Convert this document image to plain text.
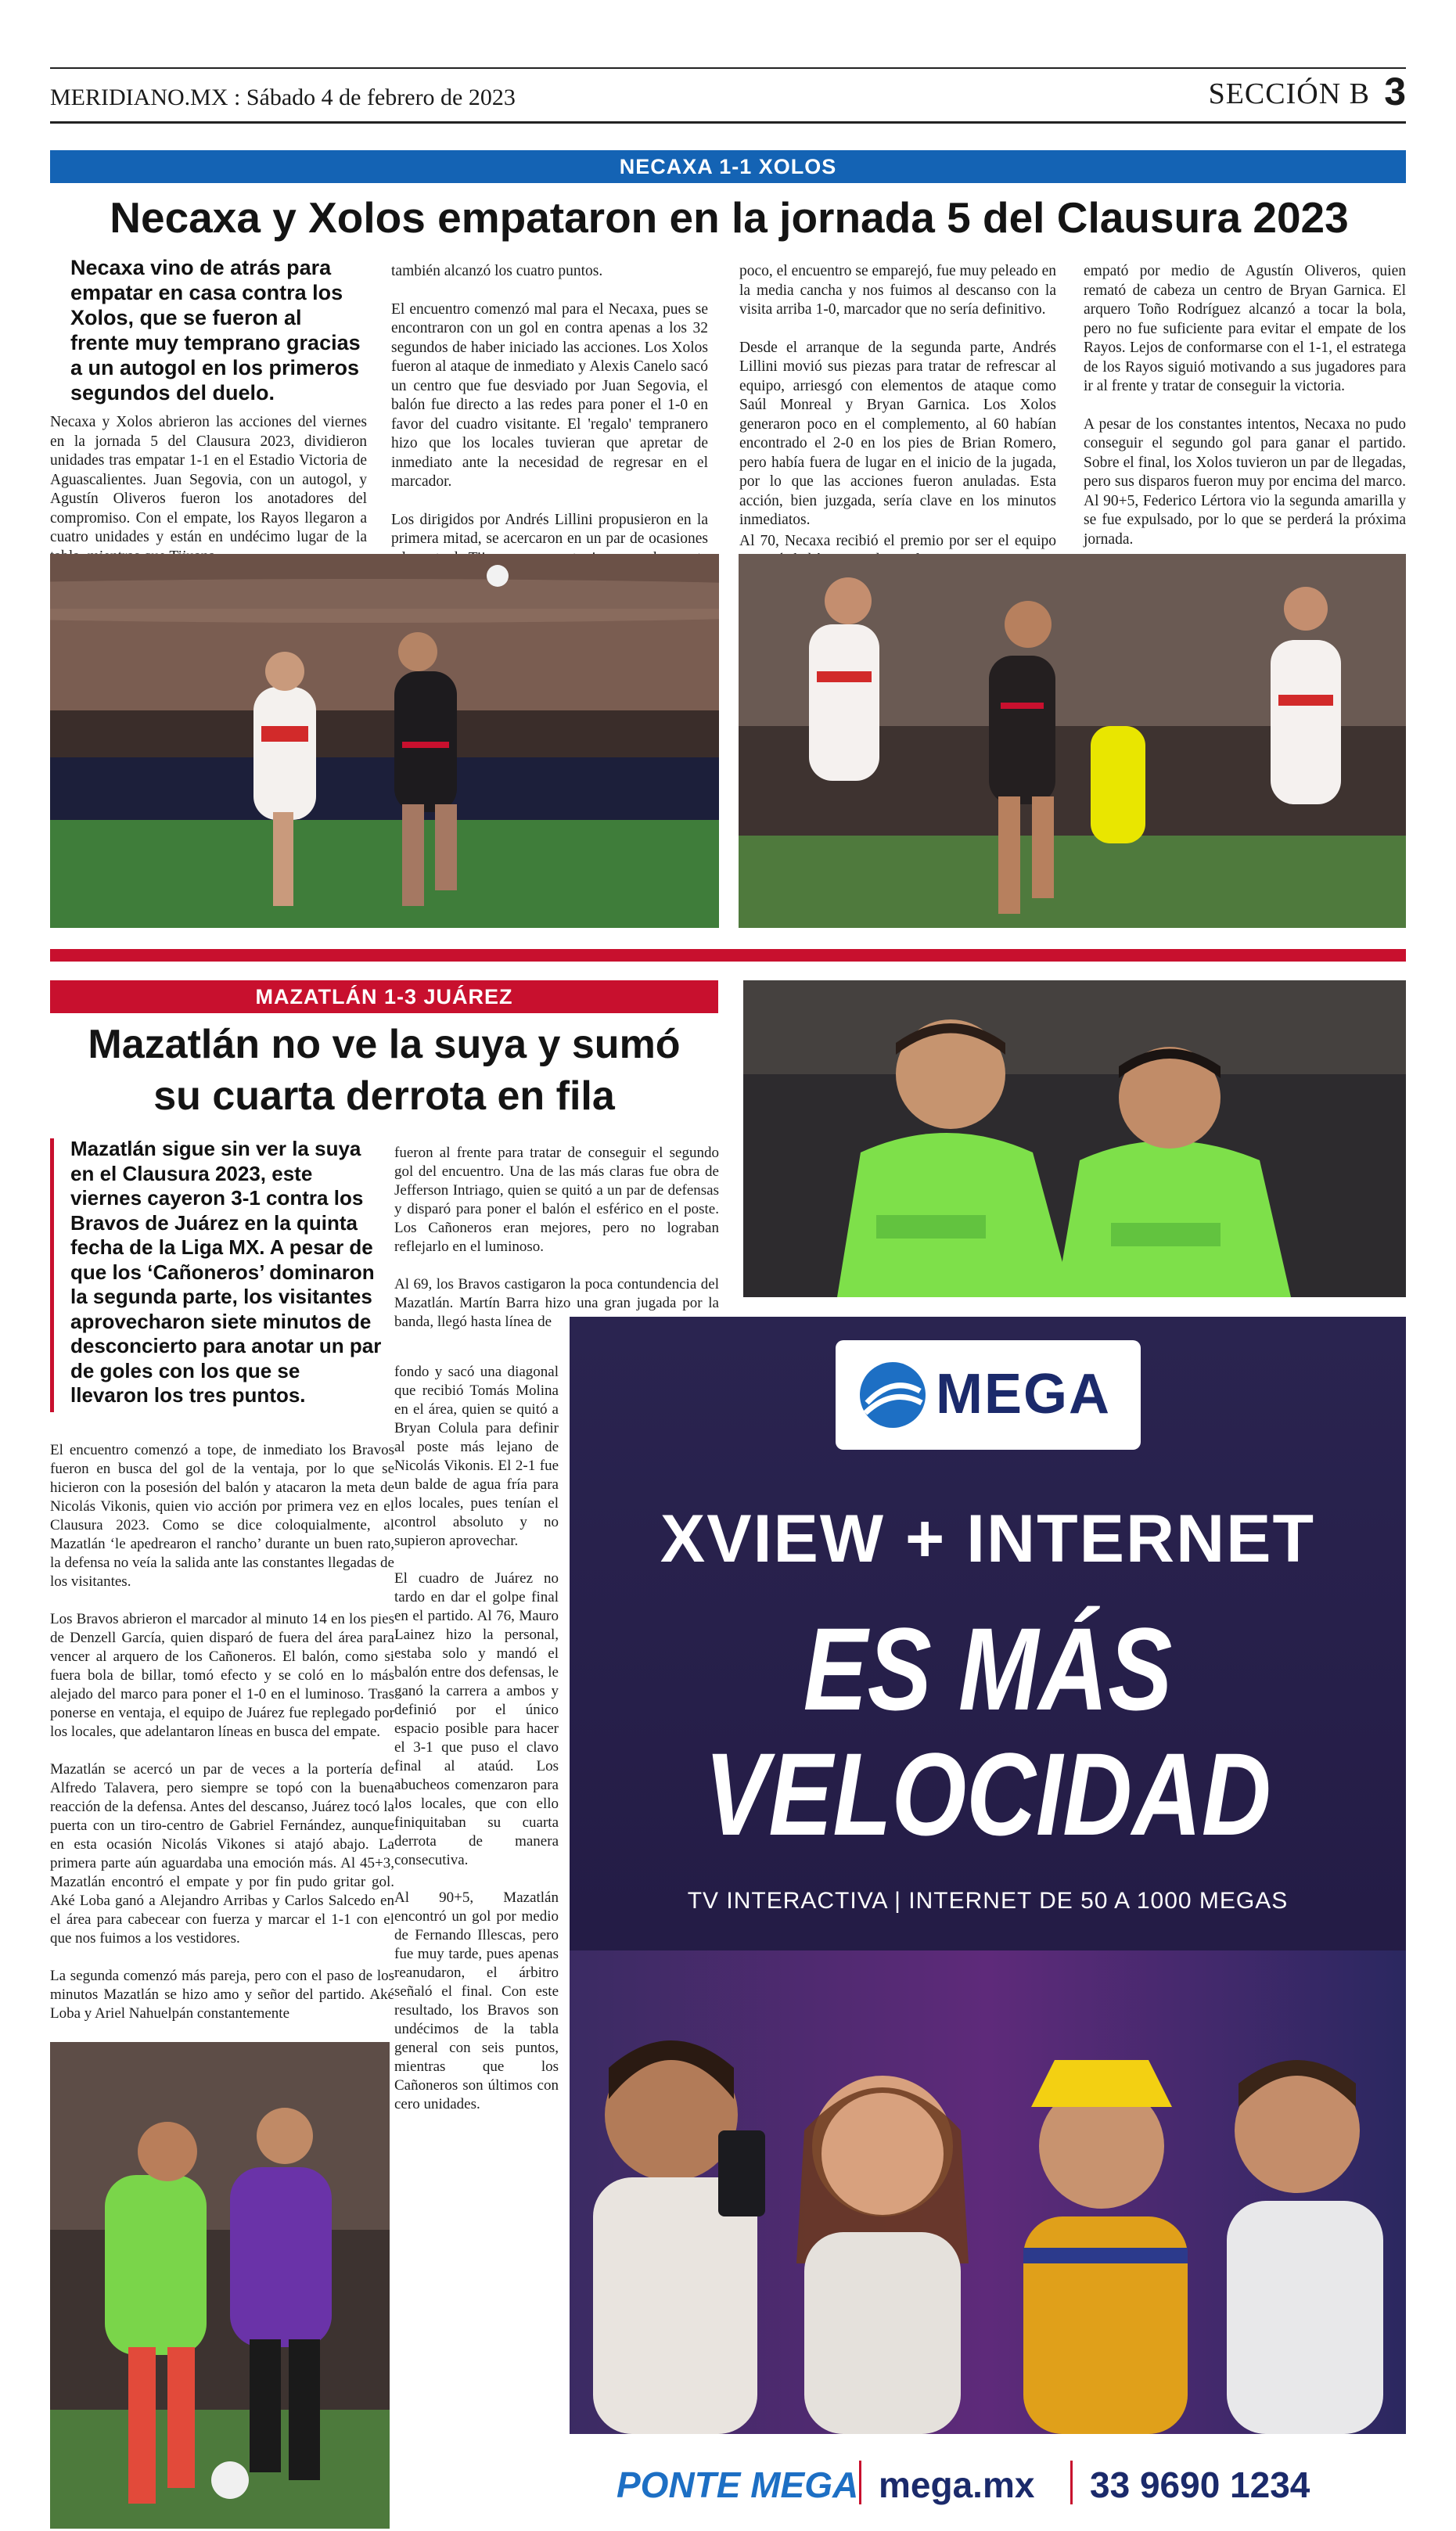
MERIDIANO.MX : Sábado 4 de febrero de 2023	SECCIÓN B 3
NECAXA 1-1 XOLOS
Necaxa y Xolos empataron en la jornada 5 del Clausura 2023
Necaxa vino de atrás para empatar en casa contra los Xolos, que se fueron al frente muy temprano gracias a un autogol en los primeros segundos del duelo.

Necaxa y Xolos abrieron las acciones del viernes en la jornada 5 del Clausura 2023, dividieron unidades tras empatar 1-1 en el Estadio Victoria de Aguascalientes. Juan Segovia, con un autogol, y Agustín Oliveros fueron los anotadores del compromiso. Con el empate, los Rayos llegaron a cuatro unidades y están en undécimo lugar de la

también alcanzó los cuatro puntos.

El encuentro comenzó mal para el Necaxa, pues se encontraron con un gol en contra apenas a los 32 segundos de haber iniciado las acciones. Los Xolos fueron al ataque de inmediato y Alexis Canelo sacó un centro que fue desviado por Juan Segovia, el balón fue directo a las redes para poner el 1-0 en favor del cuadro visitante. El 'regalo' tempranero hizo que los locales tuvieran que apretar de inmediato ante la necesidad de regresar en el marcador.

Los dirigidos por Andrés Lillini propusieron en la primera mitad, se acercaron en un par de ocasiones

poco, el encuentro se emparejó, fue muy peleado en la media cancha y nos fuimos al descanso con la visita arriba 1-0, marcador que no sería definitivo.

Desde el arranque de la segunda parte, Andrés Lillini movió sus piezas para tratar de refrescar al equipo, arriesgó con elementos de ataque como Saúl Monreal y Bryan Garnica. Los Xolos generaron poco en el complemento, al 60 habían encontrado el 2-0 en los pies de Brian Romero, pero había fuera de lugar en el inicio de la jugada, por lo que las acciones fueron anuladas. Esta acción, bien juzgada, sería clave en los minutos inmediatos.

Al 70, Necaxa recibió el premio por ser el equipo

empató por medio de Agustín Oliveros, quien remató de cabeza un centro de Bryan Garnica. El arquero Toño Rodríguez alcanzó a tocar la bola, pero no fue suficiente para evitar el empate de los Rayos. Lejos de conformarse con el 1-1, el estratega de los Rayos siguió motivando a sus jugadores para ir al frente y tratar de conseguir la victoria.

A pesar de los constantes intentos, Necaxa no pudo conseguir el segundo gol para ganar el partido. Sobre el final, los Xolos tuvieron un par de llegadas, pero sus disparos fueron muy por encima del marco. Al 90+5, Federico Lértora vio la segunda amarilla y se fue expulsado, por lo que se perderá la próxima jornada.

MAZATLÁN 1-3 JUÁREZ
Mazatlán no ve la suya y sumó
su cuarta derrota en fila
Mazatlán sigue sin ver la suya en el Clausura 2023, este viernes cayeron 3-1 contra los Bravos de Juárez en la quinta fecha de la Liga MX. A pesar de que los ‘Cañoneros’ dominaron la segunda parte, los visitantes aprovecharon siete minutos de desconcierto para anotar un par de goles con los que se llevaron los tres puntos.

El encuentro comenzó a tope, de inmediato los Bravos fueron en busca del gol de la ventaja, por lo que se hicieron con la posesión del balón y atacaron la meta de Nicolás Vikonis, quien vio acción por primera vez en el Clausura 2023. Como se dice coloquialmente, al Mazatlán ‘le apedrearon el rancho’ durante un buen rato, la defensa no veía la salida ante las constantes llegadas de los visitantes.

Los Bravos abrieron el marcador al minuto 14 en los pies de Denzell García, quien disparó de fuera del área para vencer al arquero de los Cañoneros. El balón, como si fuera bola de billar, tomó efecto y se coló en lo más alejado del marco para poner el 1-0 en el luminoso. Tras ponerse en ventaja, el equipo de Juárez fue replegado por los locales, que adelantaron líneas en busca del empate.

Mazatlán se acercó un par de veces a la portería de Alfredo Talavera, pero siempre se topó con la buena reacción de la defensa. Antes del descanso, Juárez tocó la puerta con un tiro-centro de Gabriel Fernández, aunque en esta ocasión Nicolás Vikones si atajó abajo. La primera parte aún aguardaba una emoción más. Al 45+3, Mazatlán encontró el empate y por fin pudo gritar gol. Aké Loba ganó a Alejandro Arribas y Carlos Salcedo en el área para cabecear con fuerza y marcar el 1-1 con el que nos fuimos a los vestidores.

La segunda comenzó más pareja, pero con el paso de los minutos Mazatlán se hizo amo y señor del partido. Aké Loba y Ariel Nahuelpán constantemente

fueron al frente para tratar de conseguir el segundo gol del encuentro. Una de las más claras fue obra de Jefferson Intriago, quien se quitó a un par de defensas y disparó para poner el balón el esférico en el poste. Los Cañoneros eran mejores, pero no lograban reflejarlo en el luminoso.

Al 69, los Bravos castigaron la poca contundencia del Mazatlán. Martín Barra hizo una gran jugada por la banda, llegó hasta línea de

fondo y sacó una diagonal que recibió Tomás Molina en el área, quien se quitó a Bryan Colula para definir al poste más lejano de Nicolás Vikonis. El 2-1 fue un balde de agua fría para los locales, pues tenían el control absoluto y no supieron aprovechar.

El cuadro de Juárez no tardo en dar el golpe final en el partido. Al 76, Mauro Lainez hizo la personal, estaba solo y mandó el balón entre dos defensas, le ganó la carrera a ambos y definió por el único espacio posible para hacer el 3-1 que puso el clavo final al ataúd. Los abucheos comenzaron para los locales, que con ello finiquitaban su cuarta derrota de manera consecutiva.

Al 90+5, Mazatlán encontró un gol por medio de Fernando Illescas, pero fue muy tarde, pues apenas reanudaron, el árbitro señaló el final. Con este resultado, los Bravos son undécimos de la tabla general con seis puntos, mientras que los Cañoneros son últimos con cero unidades.

MEGA
XVIEW + INTERNET
ES MÁS
VELOCIDAD
TV INTERACTIVA | INTERNET DE 50 A 1000 MEGAS
PONTE MEGA mega.mx 33 9690 1234
